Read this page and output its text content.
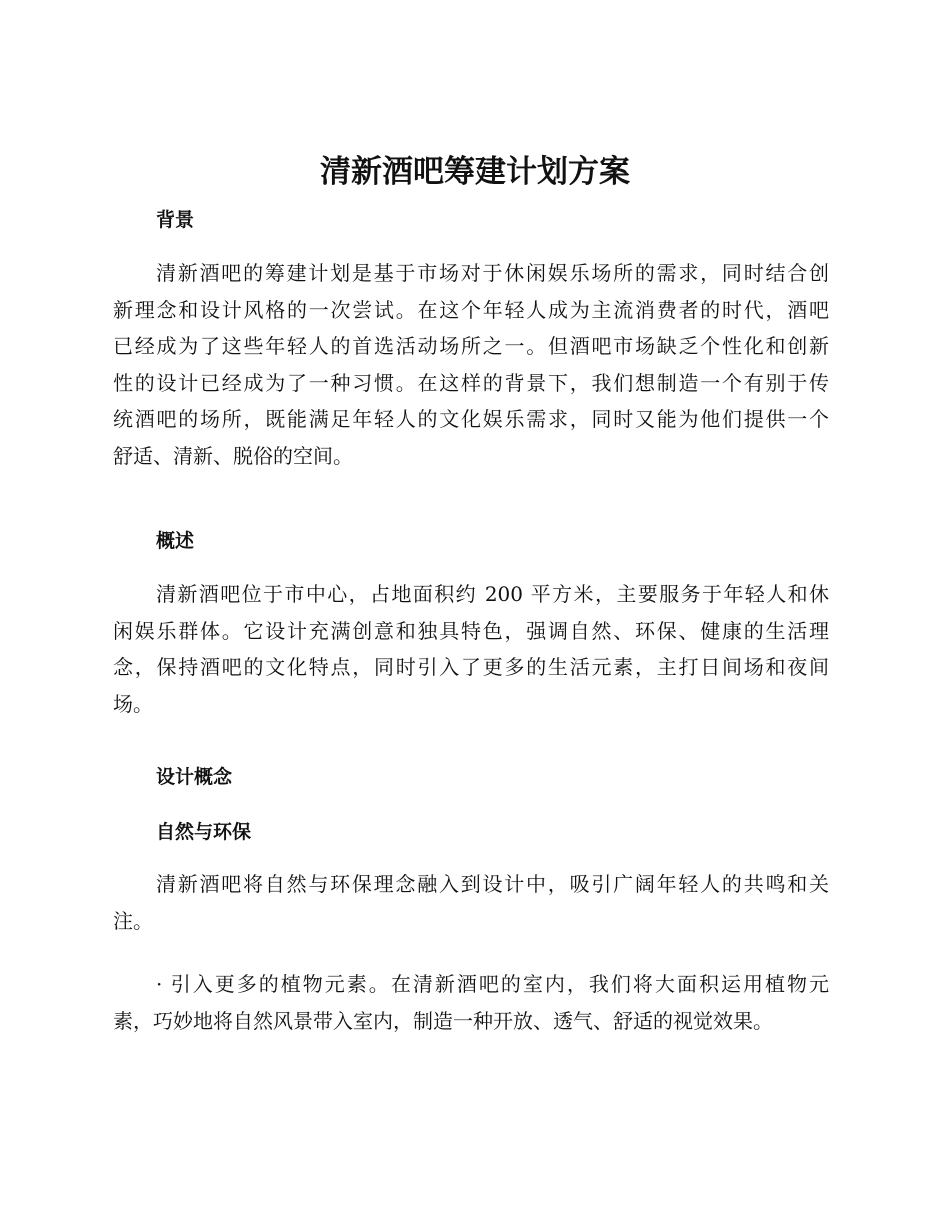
清新酒吧筹建计划方案
背景
清新酒吧的筹建计划是基于市场对于休闲娱乐场所的需求，同时结合创
新理念和设计风格的一次尝试。在这个年轻人成为主流消费者的时代，酒吧
已经成为了这些年轻人的首选活动场所之一。但酒吧市场缺乏个性化和创新
性的设计已经成为了一种习惯。在这样的背景下，我们想制造一个有别于传
统酒吧的场所，既能满足年轻人的文化娱乐需求，同时又能为他们提供一个
舒适、清新、脱俗的空间。
概述
清新酒吧位于市中心，占地面积约 200 平方米，主要服务于年轻人和休
闲娱乐群体。它设计充满创意和独具特色，强调自然、环保、健康的生活理
念，保持酒吧的文化特点，同时引入了更多的生活元素，主打日间场和夜间
场。
设计概念
自然与环保
清新酒吧将自然与环保理念融入到设计中，吸引广阔年轻人的共鸣和关
注。
· 引入更多的植物元素。在清新酒吧的室内，我们将大面积运用植物元
素，巧妙地将自然风景带入室内，制造一种开放、透气、舒适的视觉效果。
